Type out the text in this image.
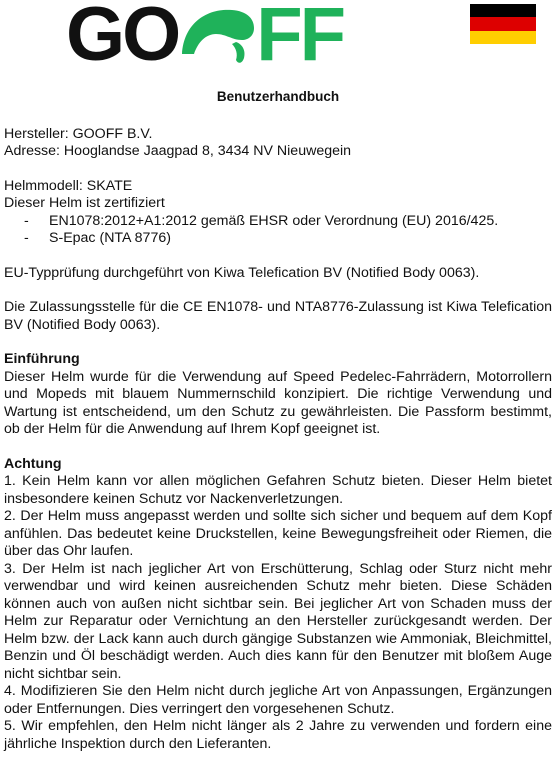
GO FF

Benutzerhandbuch

Hersteller: GOOFF B.V.

Adresse: Hooglandse Jaagpad 8, 3434 NV Nieuwegein

Helmmodell: SKATE

Dieser Helm ist zertifiziert

- EN1078:2012+A1:2012 gemäß EHSR oder Verordnung (EU) 2016/425.
- S-Epac (NTA 8776)

EU-Typprüfung durchgeführt von Kiwa Telefication BV (Notified Body 0063).

Die Zulassungsstelle für die CE EN1078- und NTA8776-Zulassung ist Kiwa Telefication BV (Notified Body 0063).

Einführung

Dieser Helm wurde für die Verwendung auf Speed Pedelec-Fahrrädern, Motorrollern und Mopeds mit blauem Nummernschild konzipiert. Die richtige Verwendung und Wartung ist entscheidend, um den Schutz zu gewährleisten. Die Passform bestimmt, ob der Helm für die Anwendung auf Ihrem Kopf geeignet ist.

Achtung

1. Kein Helm kann vor allen möglichen Gefahren Schutz bieten. Dieser Helm bietet insbesondere keinen Schutz vor Nackenverletzungen.

2. Der Helm muss angepasst werden und sollte sich sicher und bequem auf dem Kopf anfühlen. Das bedeutet keine Druckstellen, keine Bewegungsfreiheit oder Riemen, die über das Ohr laufen.

3. Der Helm ist nach jeglicher Art von Erschütterung, Schlag oder Sturz nicht mehr verwendbar und wird keinen ausreichenden Schutz mehr bieten. Diese Schäden können auch von außen nicht sichtbar sein. Bei jeglicher Art von Schaden muss der Helm zur Reparatur oder Vernichtung an den Hersteller zurückgesandt werden. Der Helm bzw. der Lack kann auch durch gängige Substanzen wie Ammoniak, Bleichmittel, Benzin und Öl beschädigt werden. Auch dies kann für den Benutzer mit bloßem Auge nicht sichtbar sein.

4. Modifizieren Sie den Helm nicht durch jegliche Art von Anpassungen, Ergänzungen oder Entfernungen. Dies verringert den vorgesehenen Schutz.

5. Wir empfehlen, den Helm nicht länger als 2 Jahre zu verwenden und fordern eine jährliche Inspektion durch den Lieferanten.
